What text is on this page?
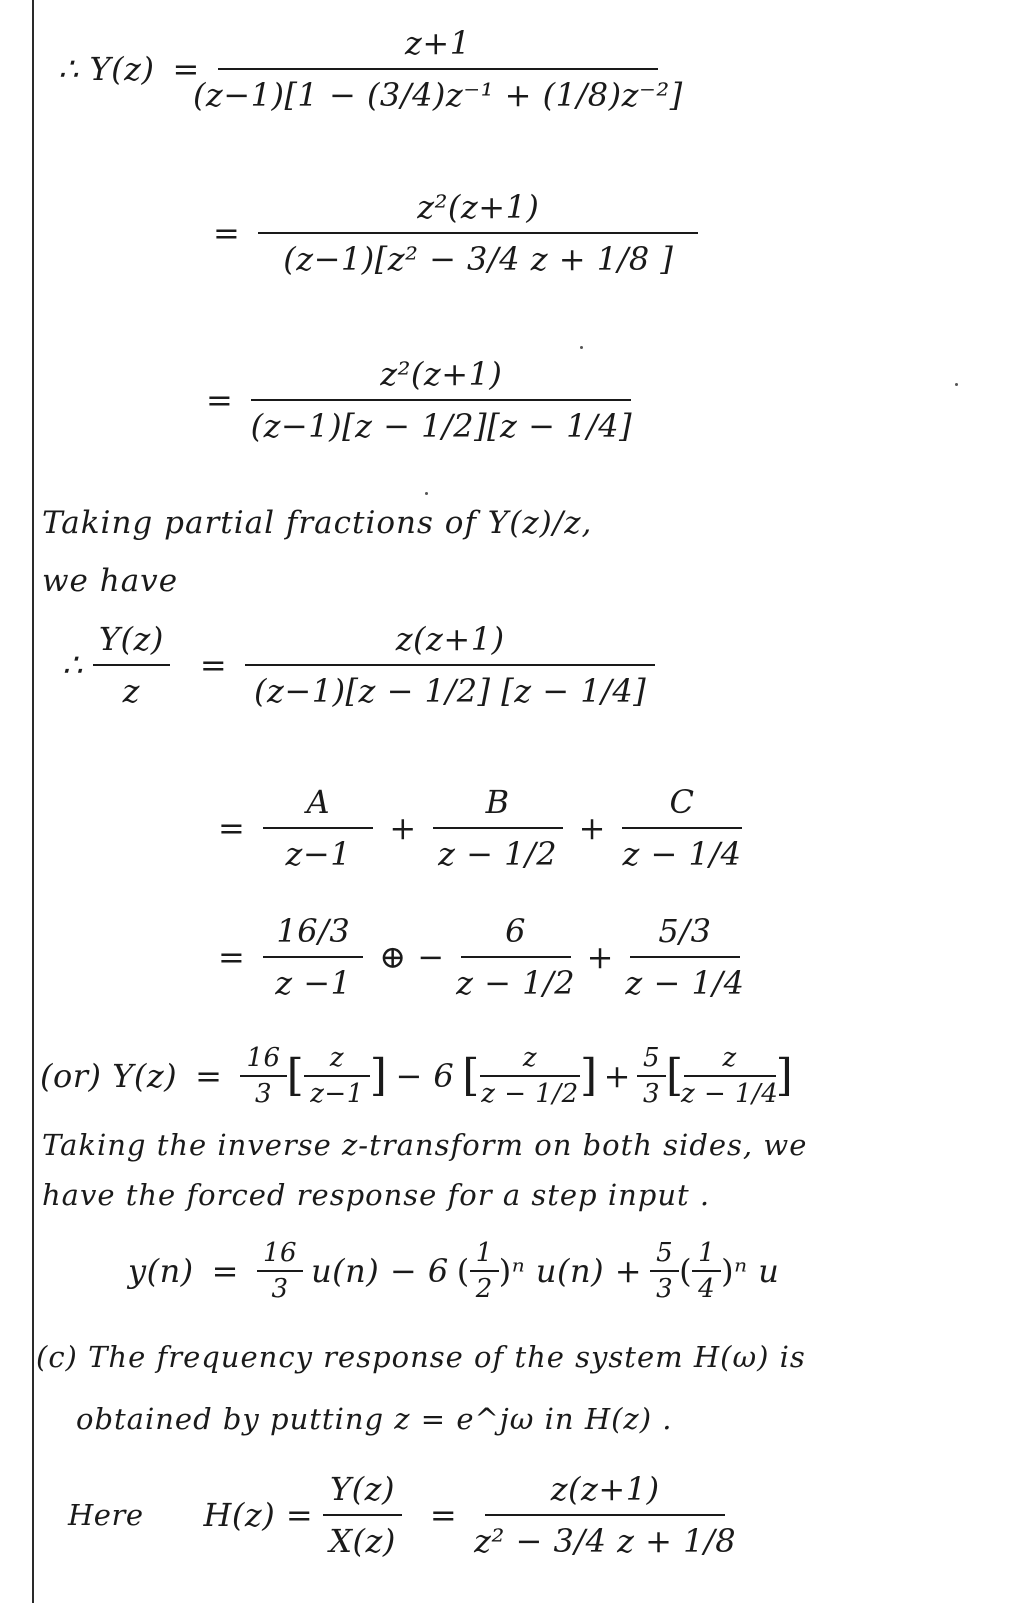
∴ $Y(z) = \frac{z+1}{\text{(z−1)[1 − (3/4)z⁻¹ + (1/8)z⁻²]}}$
= $\frac{\text{z²(z+1)}}{\text{(z−1)[z² − 3/4 z + 1/8 ]}}$
= $\frac{\text{z²(z+1)}}{(z-1)[z - 1/2][z - 1/4]}$
Taking partial fractions of Y(z)/z,
we have
∴ $\frac{Y(z)}{z} = \frac{z(z+1)}{(z-1)[z - 1/2] [z - 1/4]}$
= $\frac{A}{z-1} + \frac{B}{z - 1/2} + \frac{C}{z - 1/4}$
= $\frac{16/3}{z -1}$ ⊕ − $\frac{6}{z - 1/2} + \frac{5/3}{z - 1/4}$
(or) $Y(z) = \frac{16}{3}$ [ $\frac{z}{z-1}$ ] − 6 [ $\frac{z}{z - 1/2}$ ] + $\frac{5}{3}$ [ $\frac{z}{z - 1/4}$ ]
Taking the inverse z-transform on both sides, we
have the forced response for a step input .
$y(n) = \frac{16}{3} u(n) - 6$ ( $\frac{1}{2}$ ) ⁿ $u(n) + \frac{5}{3}$ ( $\frac{1}{4}$ ) ⁿ u
(c) The frequency response of the system H(ω) is
obtained by putting z = e^jω in H(z) .
Here $H(z) = \frac{Y(z)}{X(z)} = \frac{z(z+1)}{\text{z² − 3/4 z + 1/8}}$
